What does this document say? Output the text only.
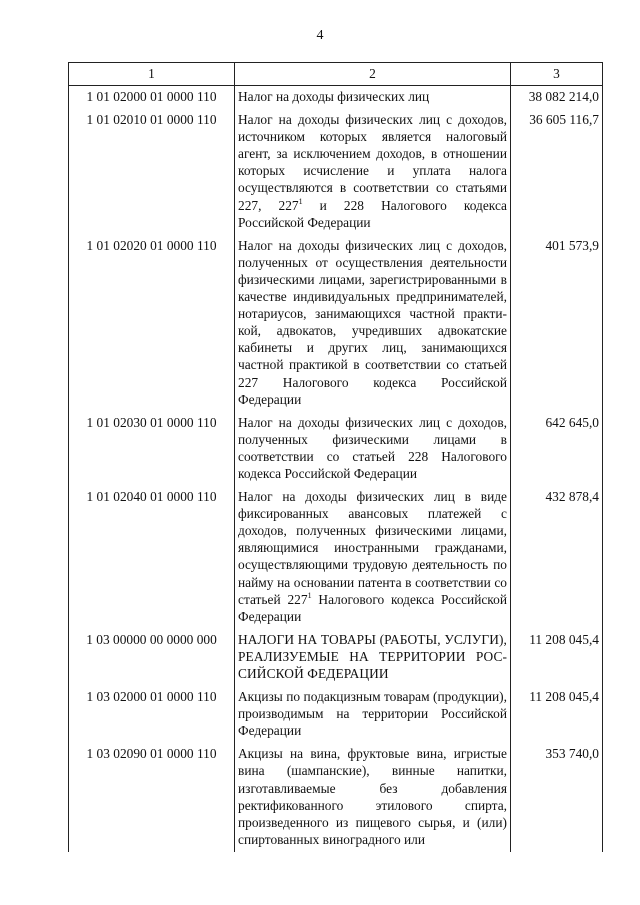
4
1	2	3
1 01 02000 01 0000 110	Налог на доходы физических лиц	38 082 214,0
1 01 02010 01 0000 110	Налог на доходы физических лиц с доходов, источником которых является налоговый агент, за исключением доходов, в отношении которых исчисление и уплата налога осуществляются в соответствии со статьями 227, $227^1$ и 228 Налогового кодекса Российской Федерации	36 605 116,7
1 01 02020 01 0000 110	Налог на доходы физических лиц с доходов, полученных от осуществления деятельности физическими лицами, зарегистрированными в качестве индивидуальных предпринимателей, нотариусов, занимающихся частной практикой, адвокатов, учредивших адвокатские кабинеты и других лиц, занимающихся частной практикой в соответствии со статьей 227 Налогового кодекса Российской Федерации	401 573,9
1 01 02030 01 0000 110	Налог на доходы физических лиц с доходов, полученных физическими лицами в соответствии со статьей 228 Налогового кодекса Российской Федерации	642 645,0
1 01 02040 01 0000 110	Налог на доходы физических лиц в виде фиксированных авансовых платежей с доходов, полученных физическими лицами, являющимися иностранными гражданами, осуществляющими трудовую деятельность по найму на основании патента в соответствии со статьей $227^1$ Налогового кодекса Российской Федерации	432 878,4
1 03 00000 00 0000 000	НАЛОГИ НА ТОВАРЫ (РАБОТЫ, УСЛУГИ), РЕАЛИЗУЕМЫЕ НА ТЕРРИТОРИИ РОССИЙСКОЙ ФЕДЕРАЦИИ	11 208 045,4
1 03 02000 01 0000 110	Акцизы по подакцизным товарам (продукции), производимым на территории Российской Федерации	11 208 045,4
1 03 02090 01 0000 110	Акцизы на вина, фруктовые вина, игристые вина (шампанские), винные напитки, изготавливаемые без добавления ректификованного этилового спирта, произведенного из пищевого сырья, и (или) спиртованных виноградного или	353 740,0
